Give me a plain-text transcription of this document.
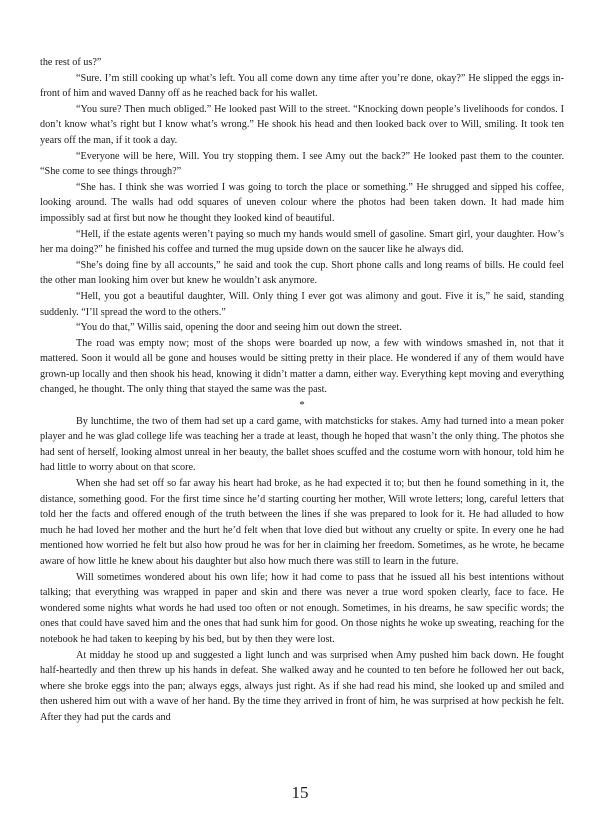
the rest of us?”

“Sure. I’m still cooking up what’s left. You all come down any time after you’re done, okay?” He slipped the eggs in-front of him and waved Danny off as he reached back for his wallet.

“You sure? Then much obliged.” He looked past Will to the street. “Knocking down people’s livelihoods for condos. I don’t know what’s right but I know what’s wrong.” He shook his head and then looked back over to Will, smiling. It took ten years off the man, if it took a day.

“Everyone will be here, Will. You try stopping them. I see Amy out the back?” He looked past them to the counter. “She come to see things through?”

“She has. I think she was worried I was going to torch the place or something.” He shrugged and sipped his coffee, looking around. The walls had odd squares of uneven colour where the photos had been taken down. It had made him impossibly sad at first but now he thought they looked kind of beautiful.

“Hell, if the estate agents weren’t paying so much my hands would smell of gasoline. Smart girl, your daughter. How’s her ma doing?” he finished his coffee and turned the mug upside down on the saucer like he always did.

“She’s doing fine by all accounts,” he said and took the cup. Short phone calls and long reams of bills. He could feel the other man looking him over but knew he wouldn’t ask anymore.

“Hell, you got a beautiful daughter, Will. Only thing I ever got was alimony and gout. Five it is,” he said, standing suddenly. “I’ll spread the word to the others.”

“You do that,” Willis said, opening the door and seeing him out down the street.

The road was empty now; most of the shops were boarded up now, a few with windows smashed in, not that it mattered. Soon it would all be gone and houses would be sitting pretty in their place. He wondered if any of them would have grown-up locally and then shook his head, knowing it didn’t matter a damn, either way. Everything kept moving and everything changed, he thought. The only thing that stayed the same was the past.

*

By lunchtime, the two of them had set up a card game, with matchsticks for stakes. Amy had turned into a mean poker player and he was glad college life was teaching her a trade at least, though he hoped that wasn’t the only thing. The photos she had sent of herself, looking almost unreal in her beauty, the ballet shoes scuffed and the costume worn with honour, told him he had little to worry about on that score.

When she had set off so far away his heart had broke, as he had expected it to; but then he found something in it, the distance, something good. For the first time since he’d starting courting her mother, Will wrote letters; long, careful letters that told her the facts and offered enough of the truth between the lines if she was prepared to look for it. He had alluded to how much he had loved her mother and the hurt he’d felt when that love died but without any cruelty or spite. In every one he had mentioned how worried he felt but also how proud he was for her in claiming her freedom. Sometimes, as he wrote, he became aware of how little he knew about his daughter but also how much there was still to learn in the future.

Will sometimes wondered about his own life; how it had come to pass that he issued all his best intentions without talking; that everything was wrapped in paper and skin and there was never a true word spoken clearly, face to face. He wondered some nights what words he had used too often or not enough. Sometimes, in his dreams, he saw specific words; the ones that could have saved him and the ones that had sunk him for good. On those nights he woke up sweating, reaching for the notebook he had taken to keeping by his bed, but by then they were lost.

At midday he stood up and suggested a light lunch and was surprised when Amy pushed him back down. He fought half-heartedly and then threw up his hands in defeat. She walked away and he counted to ten before he followed her out back, where she broke eggs into the pan; always eggs, always just right. As if she had read his mind, she looked up and smiled and then ushered him out with a wave of her hand. By the time they arrived in front of him, he was surprised at how peckish he felt. After they had put the cards and

15
